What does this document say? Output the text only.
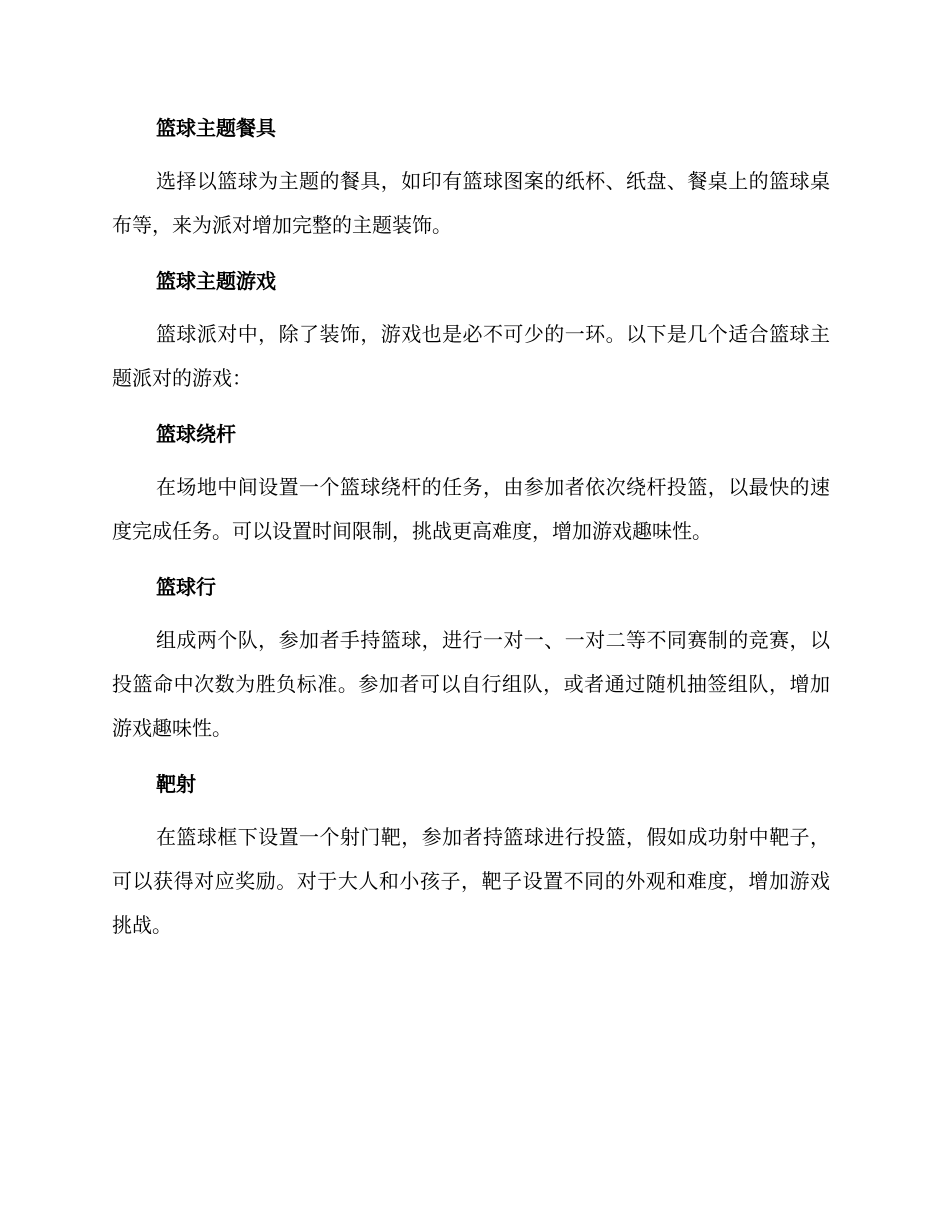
篮球主题餐具

选择以篮球为主题的餐具，如印有篮球图案的纸杯、纸盘、餐桌上的篮球桌布等，来为派对增加完整的主题装饰。

篮球主题游戏

篮球派对中，除了装饰，游戏也是必不可少的一环。以下是几个适合篮球主题派对的游戏：

篮球绕杆

在场地中间设置一个篮球绕杆的任务，由参加者依次绕杆投篮，以最快的速度完成任务。可以设置时间限制，挑战更高难度，增加游戏趣味性。

篮球行

组成两个队，参加者手持篮球，进行一对一、一对二等不同赛制的竞赛，以投篮命中次数为胜负标准。参加者可以自行组队，或者通过随机抽签组队，增加游戏趣味性。

靶射

在篮球框下设置一个射门靶，参加者持篮球进行投篮，假如成功射中靶子，可以获得对应奖励。对于大人和小孩子，靶子设置不同的外观和难度，增加游戏挑战。
